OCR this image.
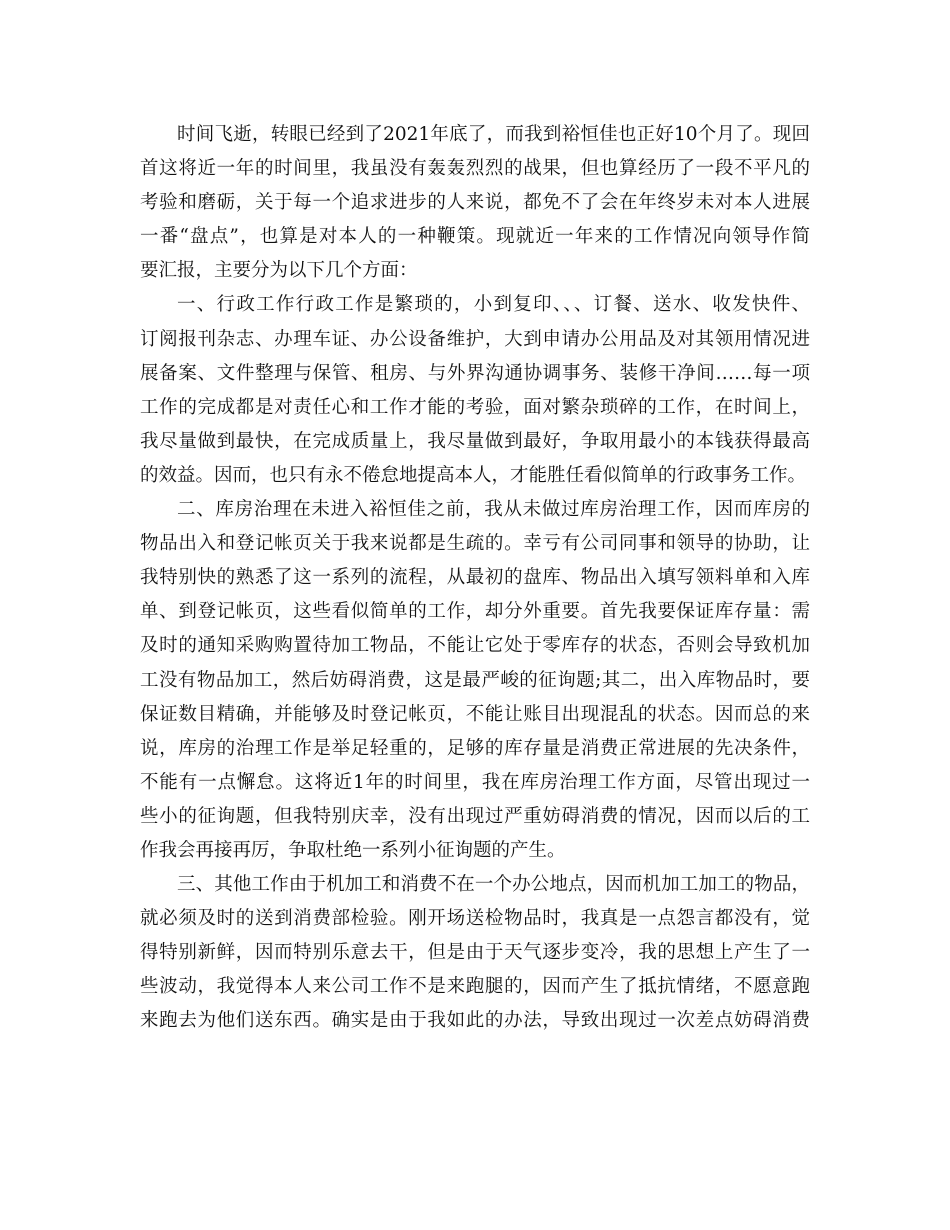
时间飞逝，转眼已经到了2021年底了，而我到裕恒佳也正好10个月了。现回
首这将近一年的时间里，我虽没有轰轰烈烈的战果，但也算经历了一段不平凡的
考验和磨砺，关于每一个追求进步的人来说，都免不了会在年终岁未对本人进展
一番“盘点”，也算是对本人的一种鞭策。现就近一年来的工作情况向领导作简
要汇报，主要分为以下几个方面：
一、行政工作行政工作是繁琐的，小到复印、、、订餐、送水、收发快件、
订阅报刊杂志、办理车证、办公设备维护，大到申请办公用品及对其领用情况进
展备案、文件整理与保管、租房、与外界沟通协调事务、装修干净间……每一项
工作的完成都是对责任心和工作才能的考验，面对繁杂琐碎的工作，在时间上，
我尽量做到最快，在完成质量上，我尽量做到最好，争取用最小的本钱获得最高
的效益。因而，也只有永不倦怠地提高本人，才能胜任看似简单的行政事务工作。
二、库房治理在未进入裕恒佳之前，我从未做过库房治理工作，因而库房的
物品出入和登记帐页关于我来说都是生疏的。幸亏有公司同事和领导的协助，让
我特别快的熟悉了这一系列的流程，从最初的盘库、物品出入填写领料单和入库
单、到登记帐页，这些看似简单的工作，却分外重要。首先我要保证库存量：需
及时的通知采购购置待加工物品，不能让它处于零库存的状态，否则会导致机加
工没有物品加工，然后妨碍消费，这是最严峻的征询题;其二，出入库物品时，要
保证数目精确，并能够及时登记帐页，不能让账目出现混乱的状态。因而总的来
说，库房的治理工作是举足轻重的，足够的库存量是消费正常进展的先决条件，
不能有一点懈怠。这将近1年的时间里，我在库房治理工作方面，尽管出现过一
些小的征询题，但我特别庆幸，没有出现过严重妨碍消费的情况，因而以后的工
作我会再接再厉，争取杜绝一系列小征询题的产生。
三、其他工作由于机加工和消费不在一个办公地点，因而机加工加工的物品，
就必须及时的送到消费部检验。刚开场送检物品时，我真是一点怨言都没有，觉
得特别新鲜，因而特别乐意去干，但是由于天气逐步变冷，我的思想上产生了一
些波动，我觉得本人来公司工作不是来跑腿的，因而产生了抵抗情绪，不愿意跑
来跑去为他们送东西。确实是由于我如此的办法，导致出现过一次差点妨碍消费
